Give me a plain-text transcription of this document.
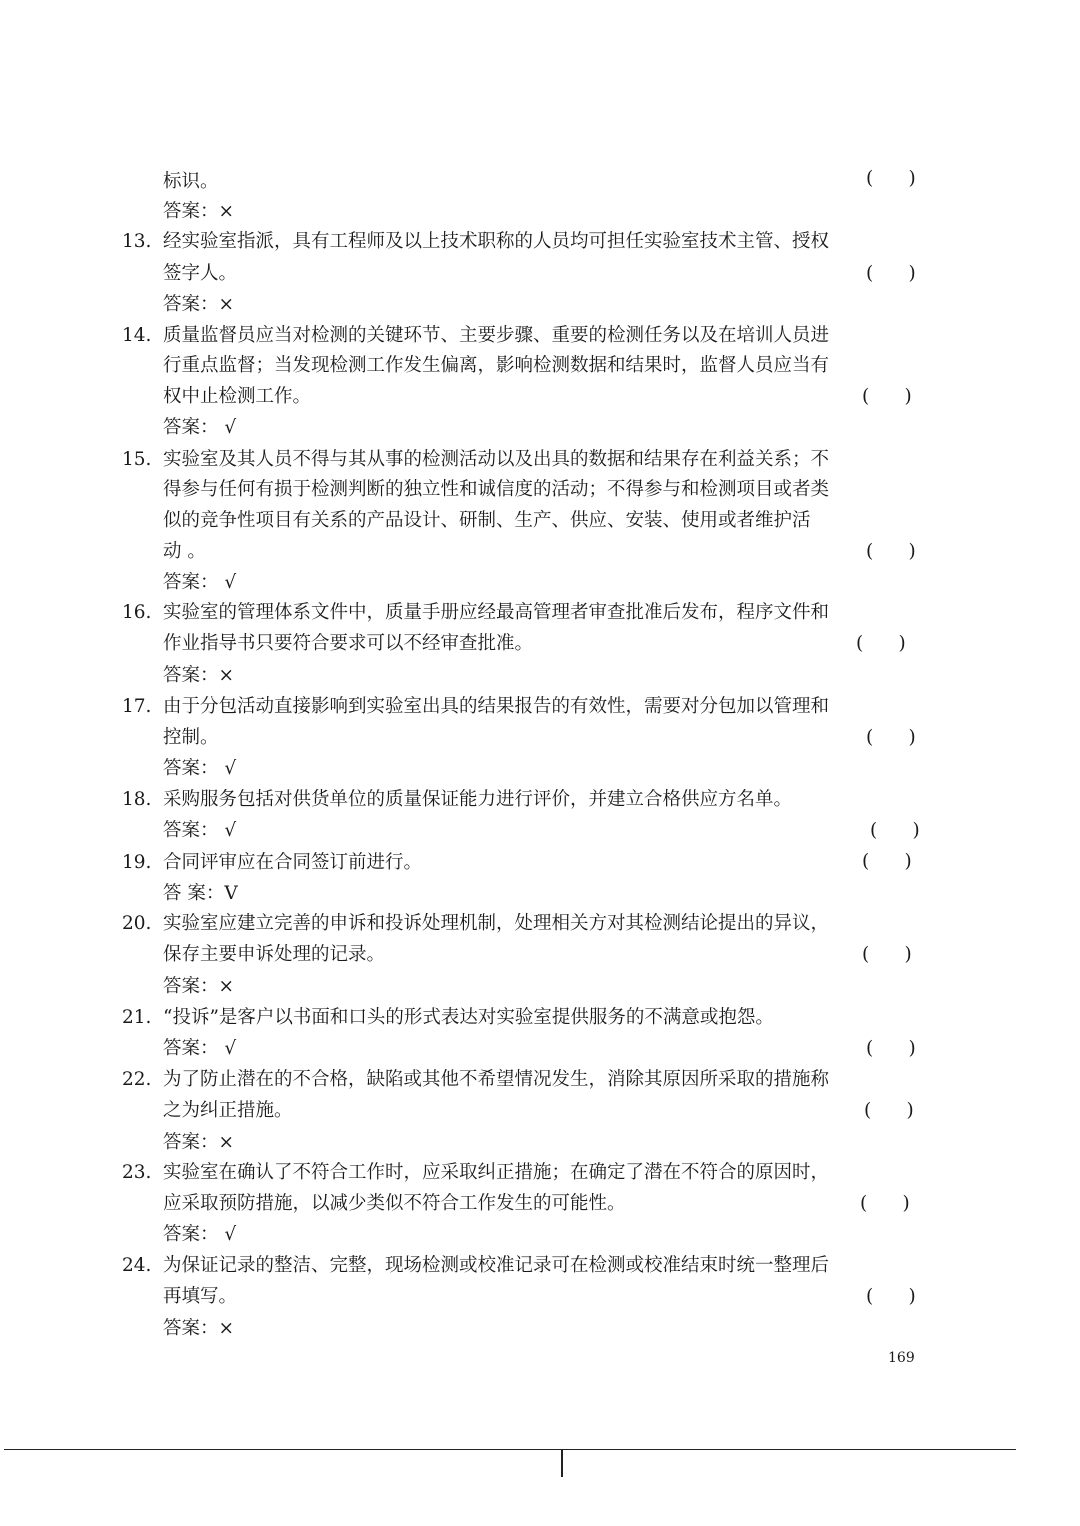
标识。	(      )
答案：×
13. 经实验室指派，具有工程师及以上技术职称的人员均可担任实验室技术主管、授权
签字人。	(      )
答案：×
14. 质量监督员应当对检测的关键环节、主要步骤、重要的检测任务以及在培训人员进
行重点监督；当发现检测工作发生偏离，影响检测数据和结果时，监督人员应当有
权中止检测工作。	(      )
答案： √
15. 实验室及其人员不得与其从事的检测活动以及出具的数据和结果存在利益关系；不
得参与任何有损于检测判断的独立性和诚信度的活动；不得参与和检测项目或者类
似的竞争性项目有关系的产品设计、研制、生产、供应、安装、使用或者维护活
动 。	(      )
答案： √
16. 实验室的管理体系文件中，质量手册应经最高管理者审查批准后发布，程序文件和
作业指导书只要符合要求可以不经审查批准。	(      )
答案：×
17. 由于分包活动直接影响到实验室出具的结果报告的有效性，需要对分包加以管理和
控制。	(      )
答案： √
18. 采购服务包括对供货单位的质量保证能力进行评价，并建立合格供应方名单。
答案： √	(      )
19. 合同评审应在合同签订前进行。	(      )
答 案：V
20. 实验室应建立完善的申诉和投诉处理机制，处理相关方对其检测结论提出的异议，
保存主要申诉处理的记录。	(      )
答案：×
21. “投诉”是客户以书面和口头的形式表达对实验室提供服务的不满意或抱怨。
答案： √	(      )
22. 为了防止潜在的不合格，缺陷或其他不希望情况发生，消除其原因所采取的措施称
之为纠正措施。	(      )
答案：×
23. 实验室在确认了不符合工作时，应采取纠正措施；在确定了潜在不符合的原因时，
应采取预防措施，以减少类似不符合工作发生的可能性。	(      )
答案： √
24. 为保证记录的整洁、完整，现场检测或校准记录可在检测或校准结束时统一整理后
再填写。	(      )
答案：×
169
